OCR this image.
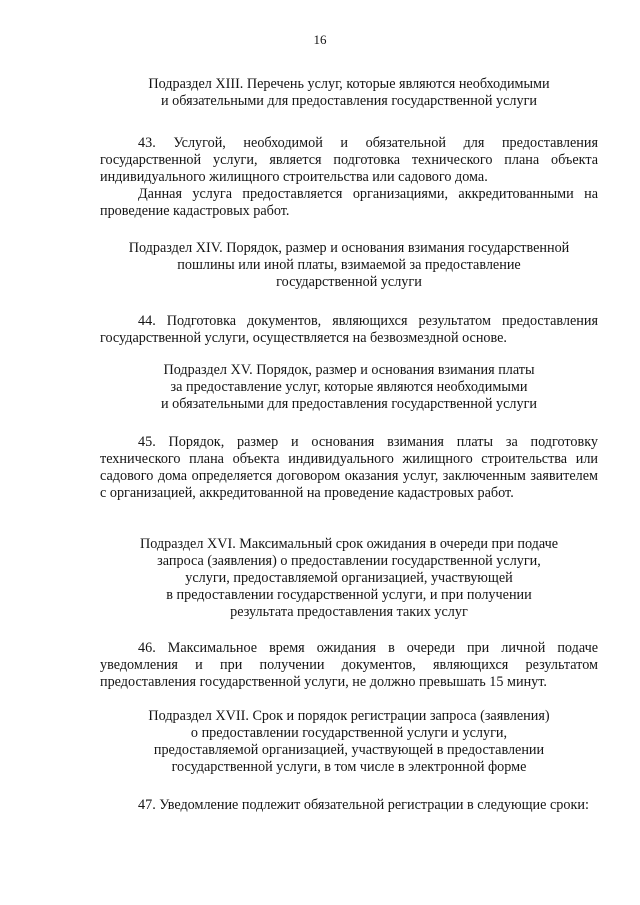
16
Подраздел XIII. Перечень услуг, которые являются необходимыми
и обязательными для предоставления государственной услуги

43. Услугой, необходимой и обязательной для предоставления государственной услуги, является подготовка технического плана объекта индивидуального жилищного строительства или садового дома.

Данная услуга предоставляется организациями, аккредитованными на проведение кадастровых работ.

Подраздел XIV. Порядок, размер и основания взимания государственной
пошлины или иной платы, взимаемой за предоставление
государственной услуги

44. Подготовка документов, являющихся результатом предоставления государственной услуги, осуществляется на безвозмездной основе.

Подраздел XV. Порядок, размер и основания взимания платы
за предоставление услуг, которые являются необходимыми
и обязательными для предоставления государственной услуги

45. Порядок, размер и основания взимания платы за подготовку технического плана объекта индивидуального жилищного строительства или садового дома определяется договором оказания услуг, заключенным заявителем с организацией, аккредитованной на проведение кадастровых работ.

Подраздел XVI. Максимальный срок ожидания в очереди при подаче
запроса (заявления) о предоставлении государственной услуги,
услуги, предоставляемой организацией, участвующей
в предоставлении государственной услуги, и при получении
результата предоставления таких услуг

46. Максимальное время ожидания в очереди при личной подаче уведомления и при получении документов, являющихся результатом предоставления государственной услуги, не должно превышать 15 минут.

Подраздел XVII. Срок и порядок регистрации запроса (заявления)
о предоставлении государственной услуги и услуги,
предоставляемой организацией, участвующей в предоставлении
государственной услуги, в том числе в электронной форме

47. Уведомление подлежит обязательной регистрации в следующие сроки:
